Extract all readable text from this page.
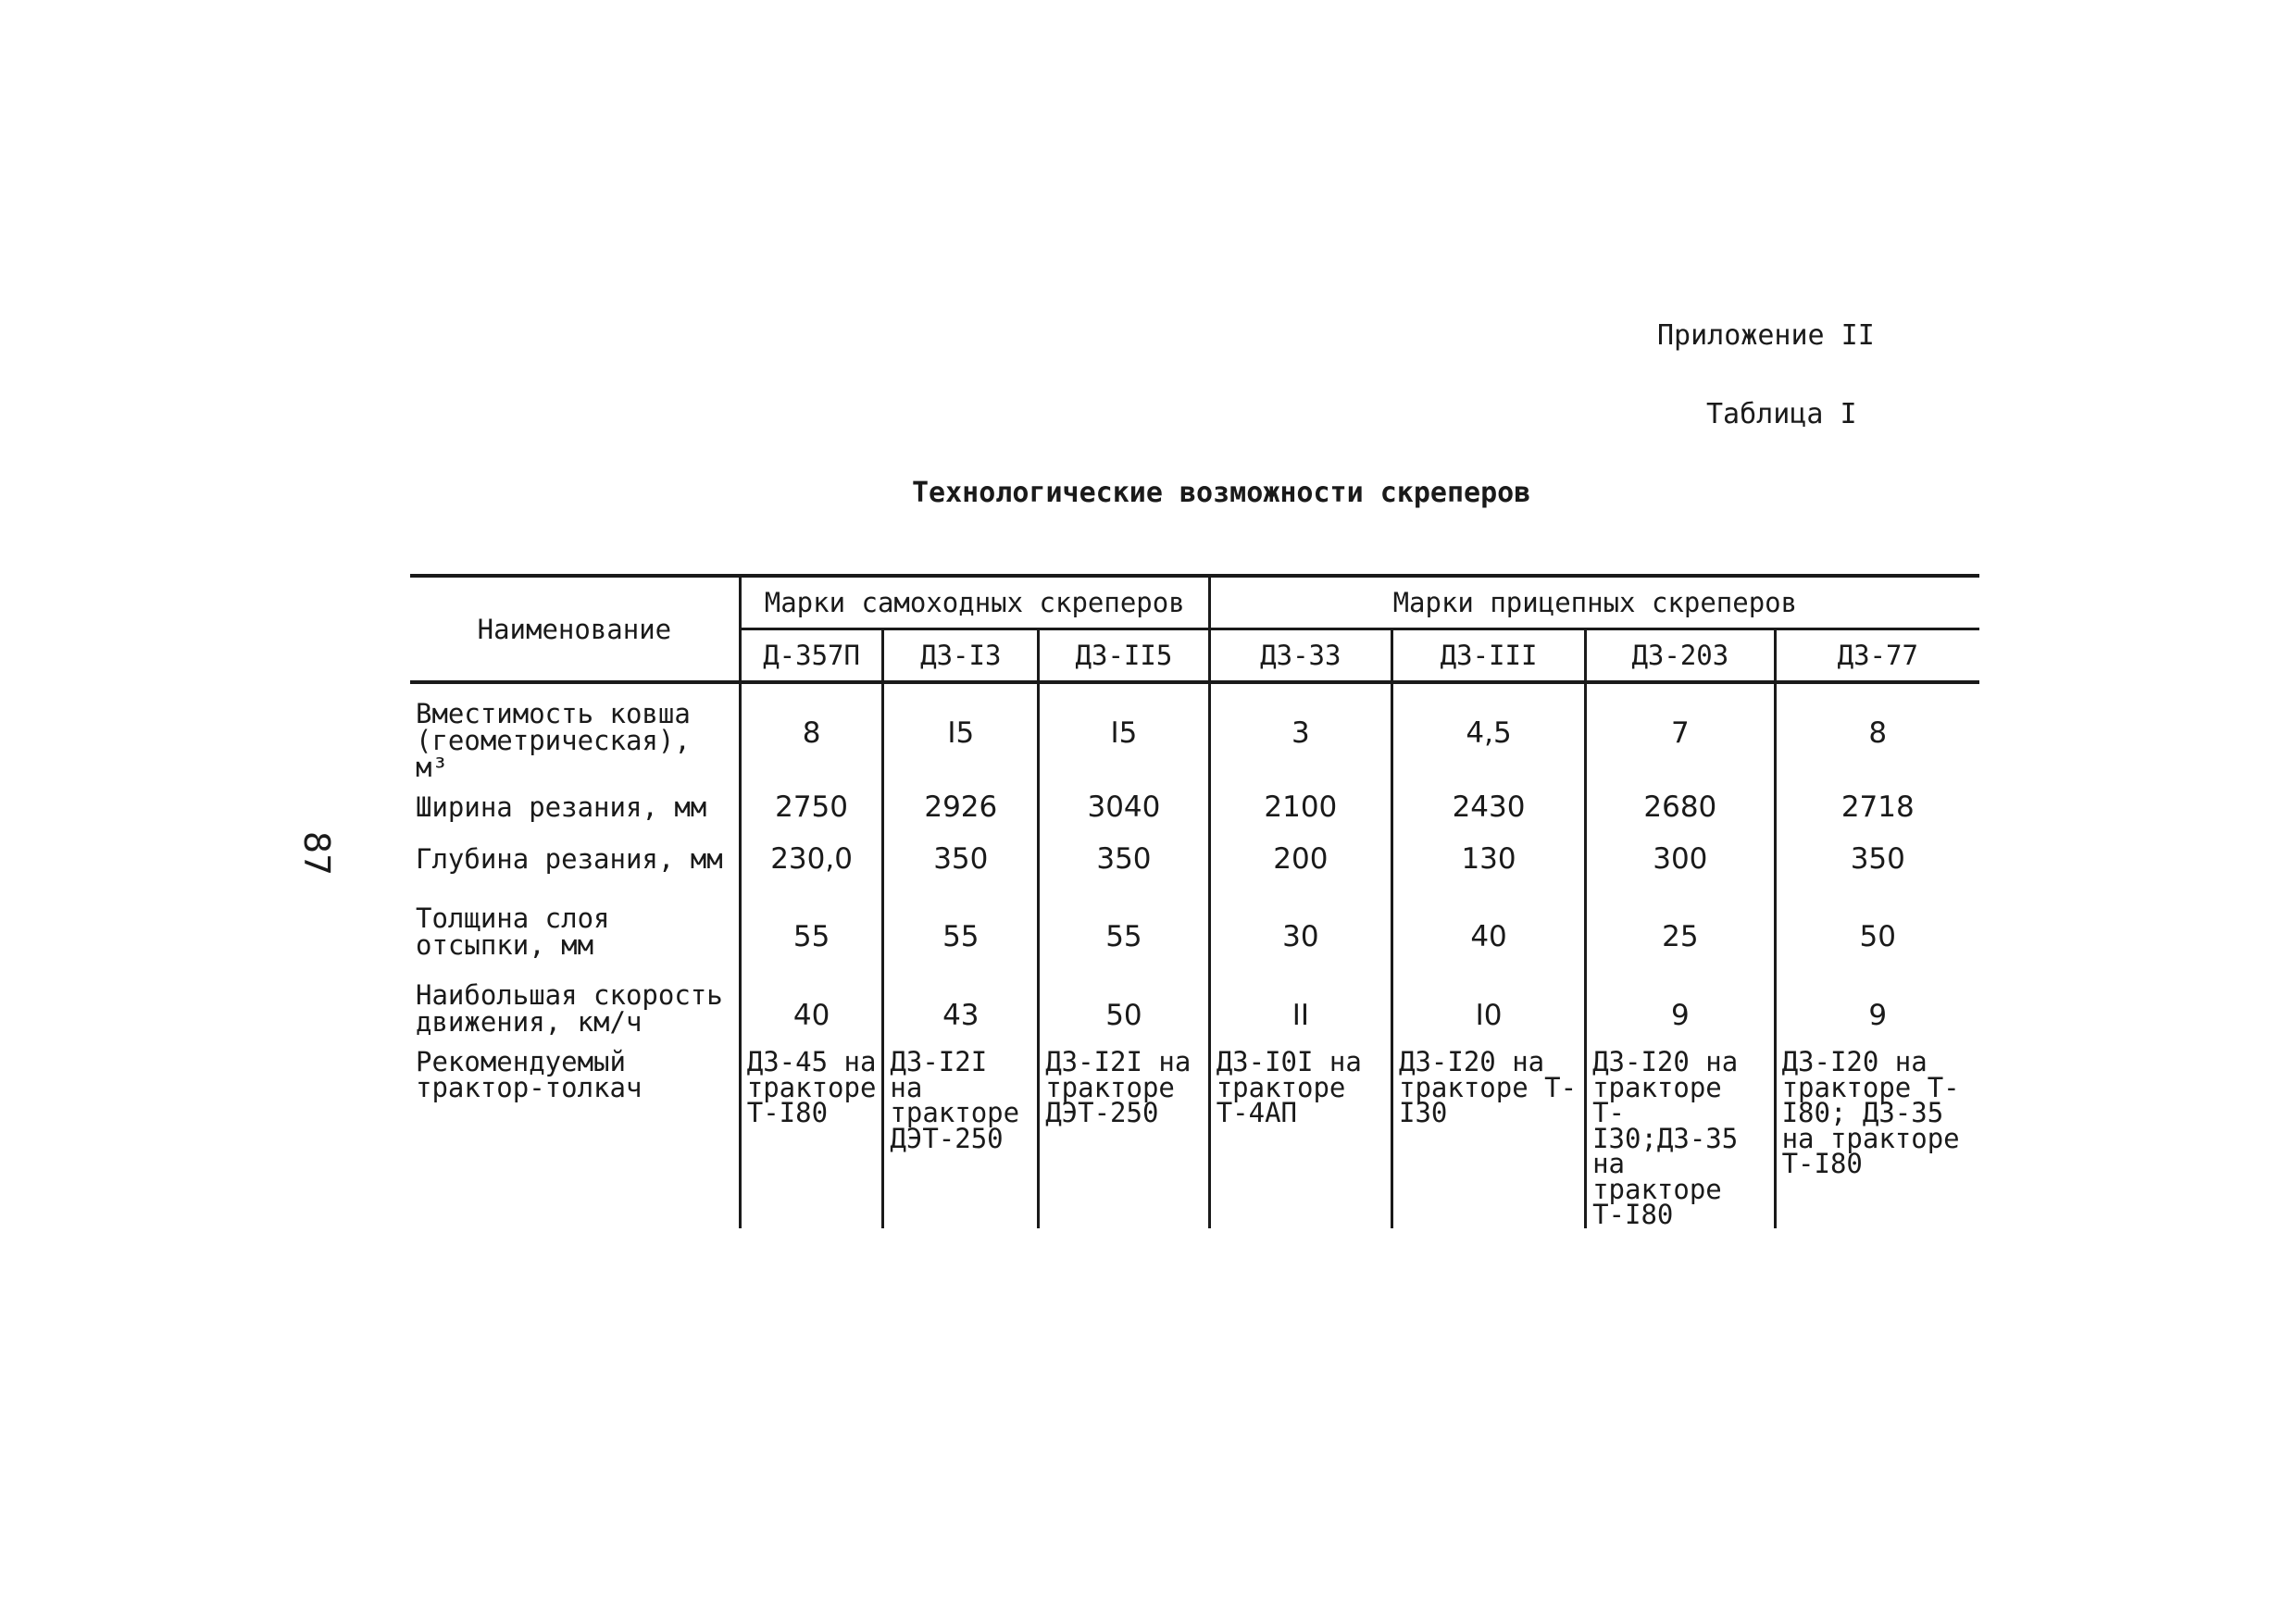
Приложение II
Таблица I
Технологические возможности скреперов
87
Наименование	Марки самоходных скреперов			Марки прицепных скреперов			
	Д-357П	ДЗ-I3	ДЗ-II5	ДЗ-33	ДЗ-III	ДЗ-203	ДЗ-77
Вместимость ковша (геометрическая), м³	8	I5	I5	3	4,5	7	8
Ширина резания, мм	2750	2926	3040	2100	2430	2680	2718
Глубина резания, мм	230,0	350	350	200	130	300	350
Толщина слоя отсыпки, мм	55	55	55	30	40	25	50
Наибольшая скорость движения, км/ч	40	43	50	II	I0	9	9
Рекомендуемый трактор-толкач	ДЗ-45 на тракторе Т-I80	ДЗ-I2I на тракторе ДЭТ-250	ДЗ-I2I на тракторе ДЭТ-250	ДЗ-I0I на тракторе Т-4АП	ДЗ-I20 на тракторе Т-I30	ДЗ-I20 на тракторе Т-I30;ДЗ-35 на тракторе Т-I80	ДЗ-I20 на тракторе Т-I80; ДЗ-35 на тракторе Т-I80
